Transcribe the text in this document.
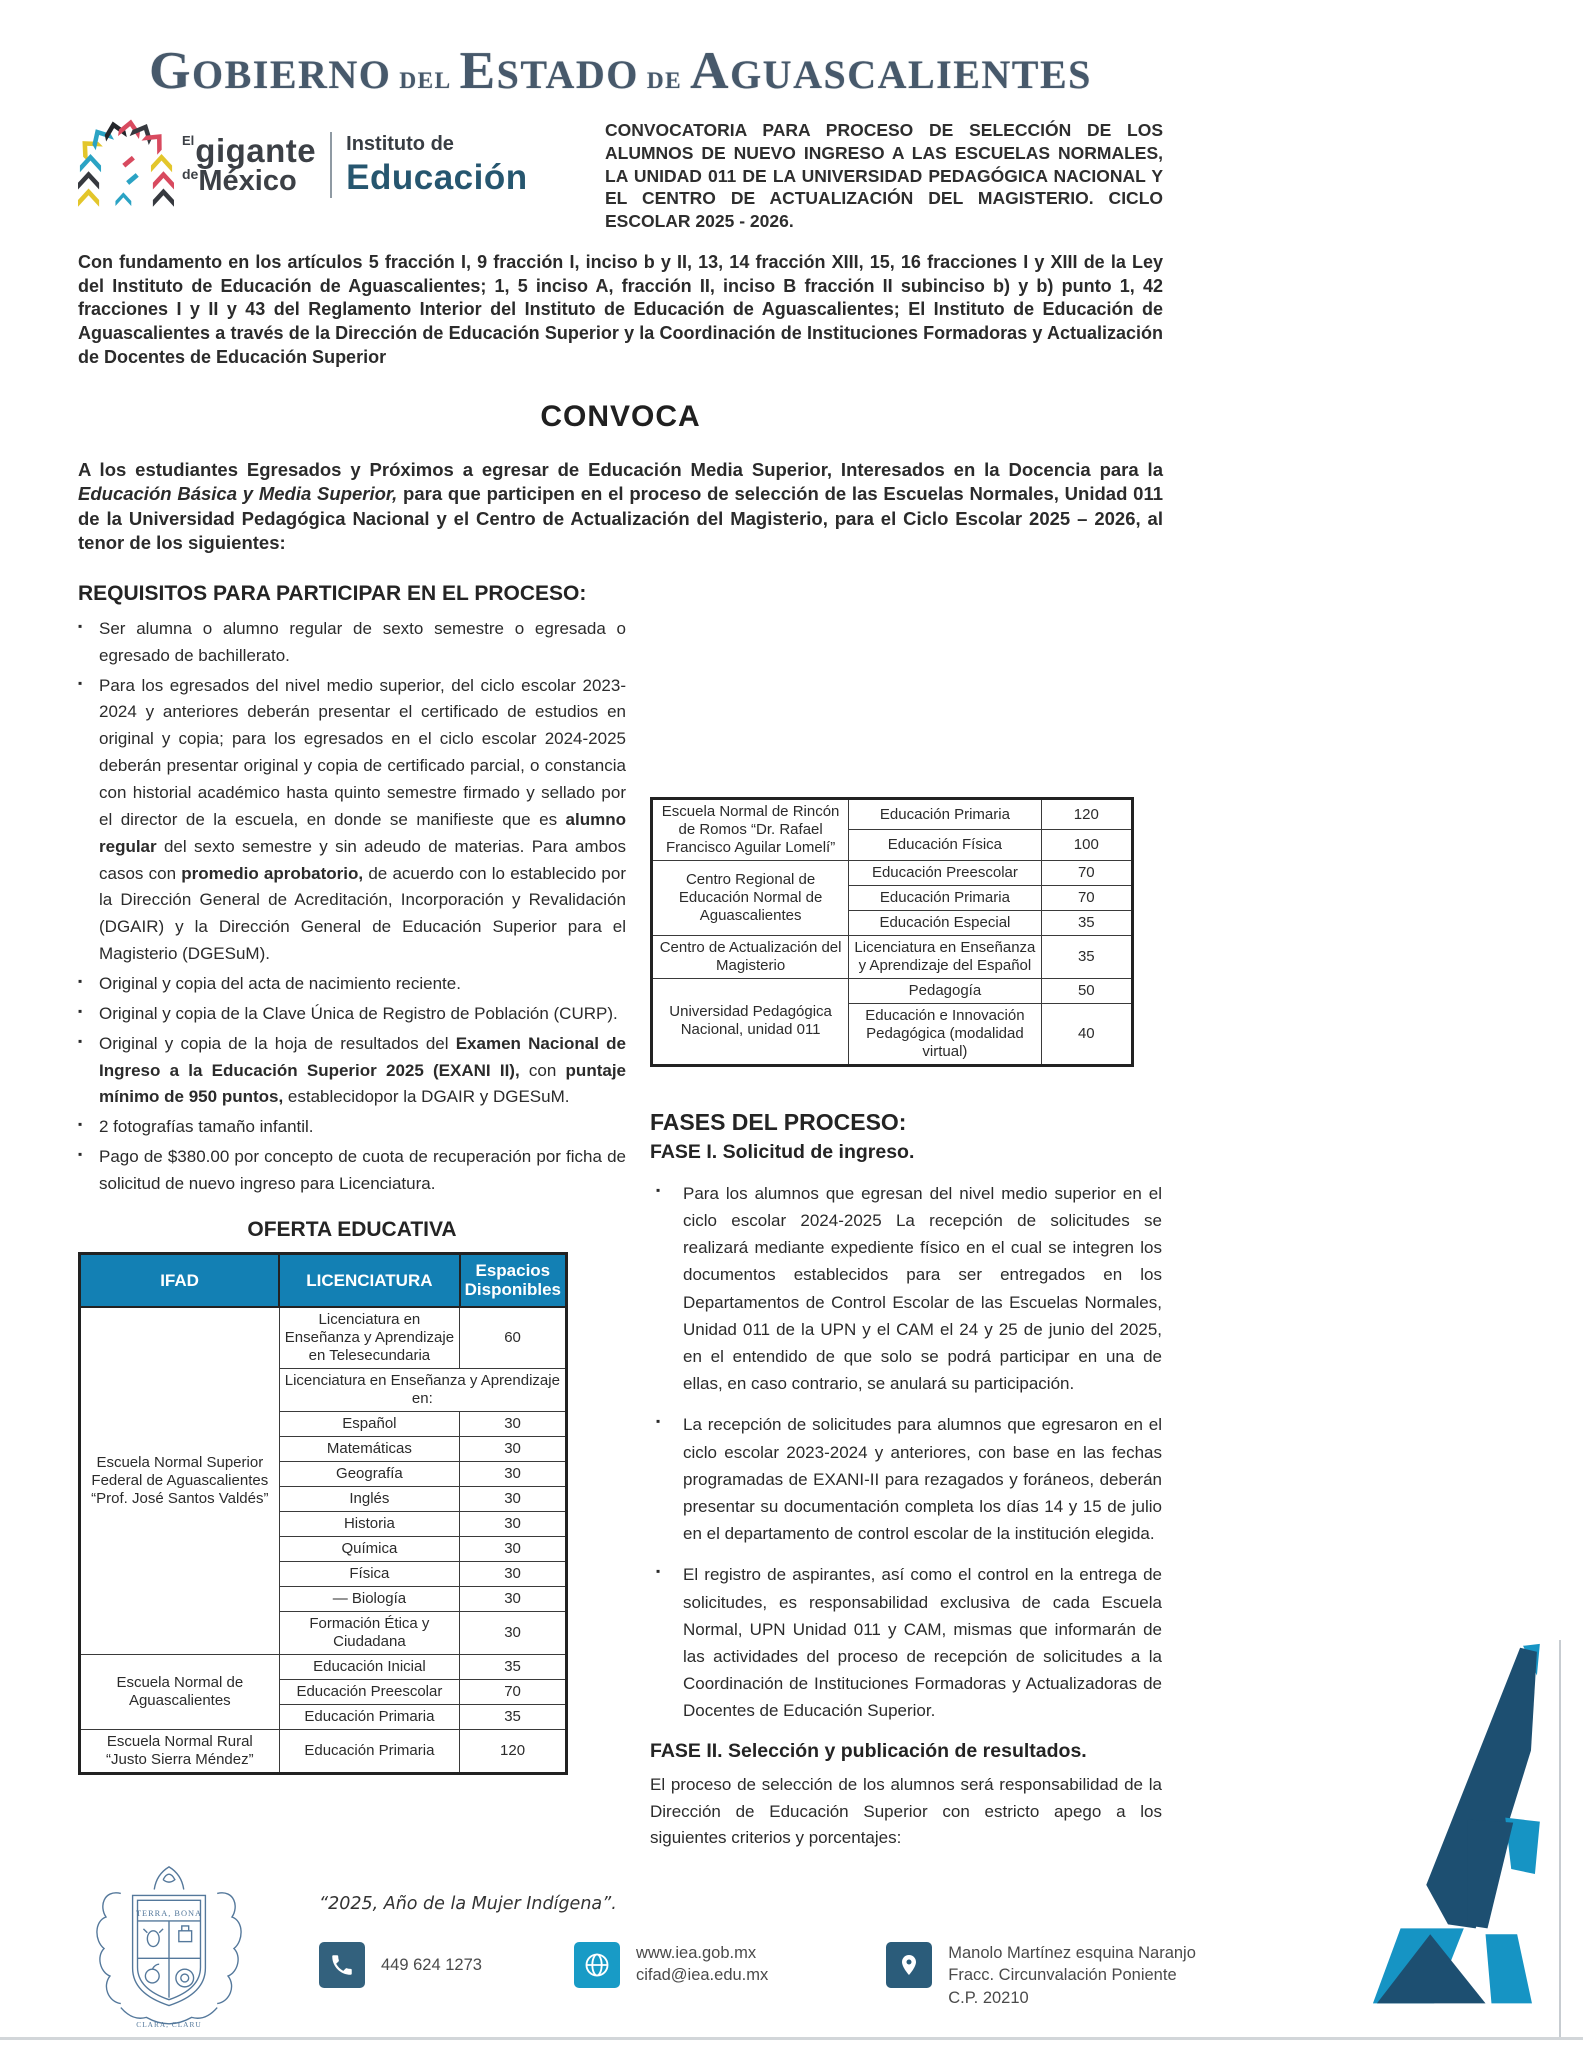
GOBIERNO DEL ESTADO DE AGUASCALIENTES
$^{El}$gigante
deMéxico
Instituto de
Educación
CONVOCATORIA PARA PROCESO DE SELECCIÓN DE LOS ALUMNOS DE NUEVO INGRESO A LAS ESCUELAS NORMALES, LA UNIDAD 011 DE LA UNIVERSIDAD PEDAGÓGICA NACIONAL Y EL CENTRO DE ACTUALIZACIÓN DEL MAGISTERIO. CICLO ESCOLAR 2025 - 2026.
Con fundamento en los artículos 5 fracción I, 9 fracción I, inciso b y II, 13, 14 fracción XIII, 15, 16 fracciones I y XIII de la Ley del Instituto de Educación de Aguascalientes; 1, 5 inciso A, fracción II, inciso B fracción II subinciso b) y b) punto 1, 42 fracciones I y II y 43 del Reglamento Interior del Instituto de Educación de Aguascalientes; El Instituto de Educación de Aguascalientes a través de la Dirección de Educación Superior y la Coordinación de Instituciones Formadoras y Actualización de Docentes de Educación Superior
CONVOCA
A los estudiantes Egresados y Próximos a egresar de Educación Media Superior, Interesados en la Docencia para la Educación Básica y Media Superior, para que participen en el proceso de selección de las Escuelas Normales, Unidad 011 de la Universidad Pedagógica Nacional y el Centro de Actualización del Magisterio, para el Ciclo Escolar 2025 – 2026, al tenor de los siguientes:
REQUISITOS PARA PARTICIPAR EN EL PROCESO:
▪ Ser alumna o alumno regular de sexto semestre o egresada o egresado de bachillerato.
▪ Para los egresados del nivel medio superior, del ciclo escolar 2023-2024 y anteriores deberán presentar el certificado de estudios en original y copia; para los egresados en el ciclo escolar 2024-2025 deberán presentar original y copia de certificado parcial, o constancia con historial académico hasta quinto semestre firmado y sellado por el director de la escuela, en donde se manifieste que es alumno regular del sexto semestre y sin adeudo de materias. Para ambos casos con promedio aprobatorio, de acuerdo con lo establecido por la Dirección General de Acreditación, Incorporación y Revalidación (DGAIR) y la Dirección General de Educación Superior para el Magisterio (DGESuM).
▪ Original y copia del acta de nacimiento reciente.
▪ Original y copia de la Clave Única de Registro de Población (CURP).
▪ Original y copia de la hoja de resultados del Examen Nacional de Ingreso a la Educación Superior 2025 (EXANI II), con puntaje mínimo de 950 puntos, establecidopor la DGAIR y DGESuM.
▪ 2 fotografías tamaño infantil.
▪ Pago de $380.00 por concepto de cuota de recuperación por ficha de solicitud de nuevo ingreso para Licenciatura.
OFERTA EDUCATIVA
IFAD	LICENCIATURA	Espacios Disponibles
Escuela Normal Superior Federal de Aguascalientes “Prof. José Santos Valdés”	Licenciatura en Enseñanza y Aprendizaje en Telesecundaria	60
	Licenciatura en Enseñanza y Aprendizaje en:	
	Español	30
	Matemáticas	30
	Geografía	30
	Inglés	30
	Historia	30
	Química	30
	Física	30
	— Biología	30
	Formación Ética y Ciudadana	30
Escuela Normal de Aguascalientes	Educación Inicial	35
	Educación Preescolar	70
	Educación Primaria	35
Escuela Normal Rural “Justo Sierra Méndez”	Educación Primaria	120
Escuela Normal de Rincón de Romos “Dr. Rafael Francisco Aguilar Lomelí”	Educación Primaria	120
	Educación Física	100
Centro Regional de Educación Normal de Aguascalientes	Educación Preescolar	70
	Educación Primaria	70
	Educación Especial	35
Centro de Actualización del Magisterio	Licenciatura en Enseñanza y Aprendizaje del Español	35
Universidad Pedagógica Nacional, unidad 011	Pedagogía	50
	Educación e Innovación Pedagógica (modalidad virtual)	40
FASES DEL PROCESO:
FASE I. Solicitud de ingreso.
▪ Para los alumnos que egresan del nivel medio superior en el ciclo escolar 2024-2025 La recepción de solicitudes se realizará mediante expediente físico en el cual se integren los documentos establecidos para ser entregados en los Departamentos de Control Escolar de las Escuelas Normales, Unidad 011 de la UPN y el CAM el 24 y 25 de junio del 2025, en el entendido de que solo se podrá participar en una de ellas, en caso contrario, se anulará su participación.
▪ La recepción de solicitudes para alumnos que egresaron en el ciclo escolar 2023-2024 y anteriores, con base en las fechas programadas de EXANI-II para rezagados y foráneos, deberán presentar su documentación completa los días 14 y 15 de julio en el departamento de control escolar de la institución elegida.
▪ El registro de aspirantes, así como el control en la entrega de solicitudes, es responsabilidad exclusiva de cada Escuela Normal, UPN Unidad 011 y CAM, mismas que informarán de las actividades del proceso de recepción de solicitudes a la Coordinación de Instituciones Formadoras y Actualizadoras de Docentes de Educación Superior.
FASE II. Selección y publicación de resultados.
El proceso de selección de los alumnos será responsabilidad de la Dirección de Educación Superior con estricto apego a los siguientes criterios y porcentajes:
TERRA, BONA
CLARA, CLARU
“2025, Año de la Mujer Indígena”.
449 624 1273
www.iea.gob.mx
cifad@iea.edu.mx
Manolo Martínez esquina Naranjo
Fracc. Circunvalación Poniente
C.P. 20210
